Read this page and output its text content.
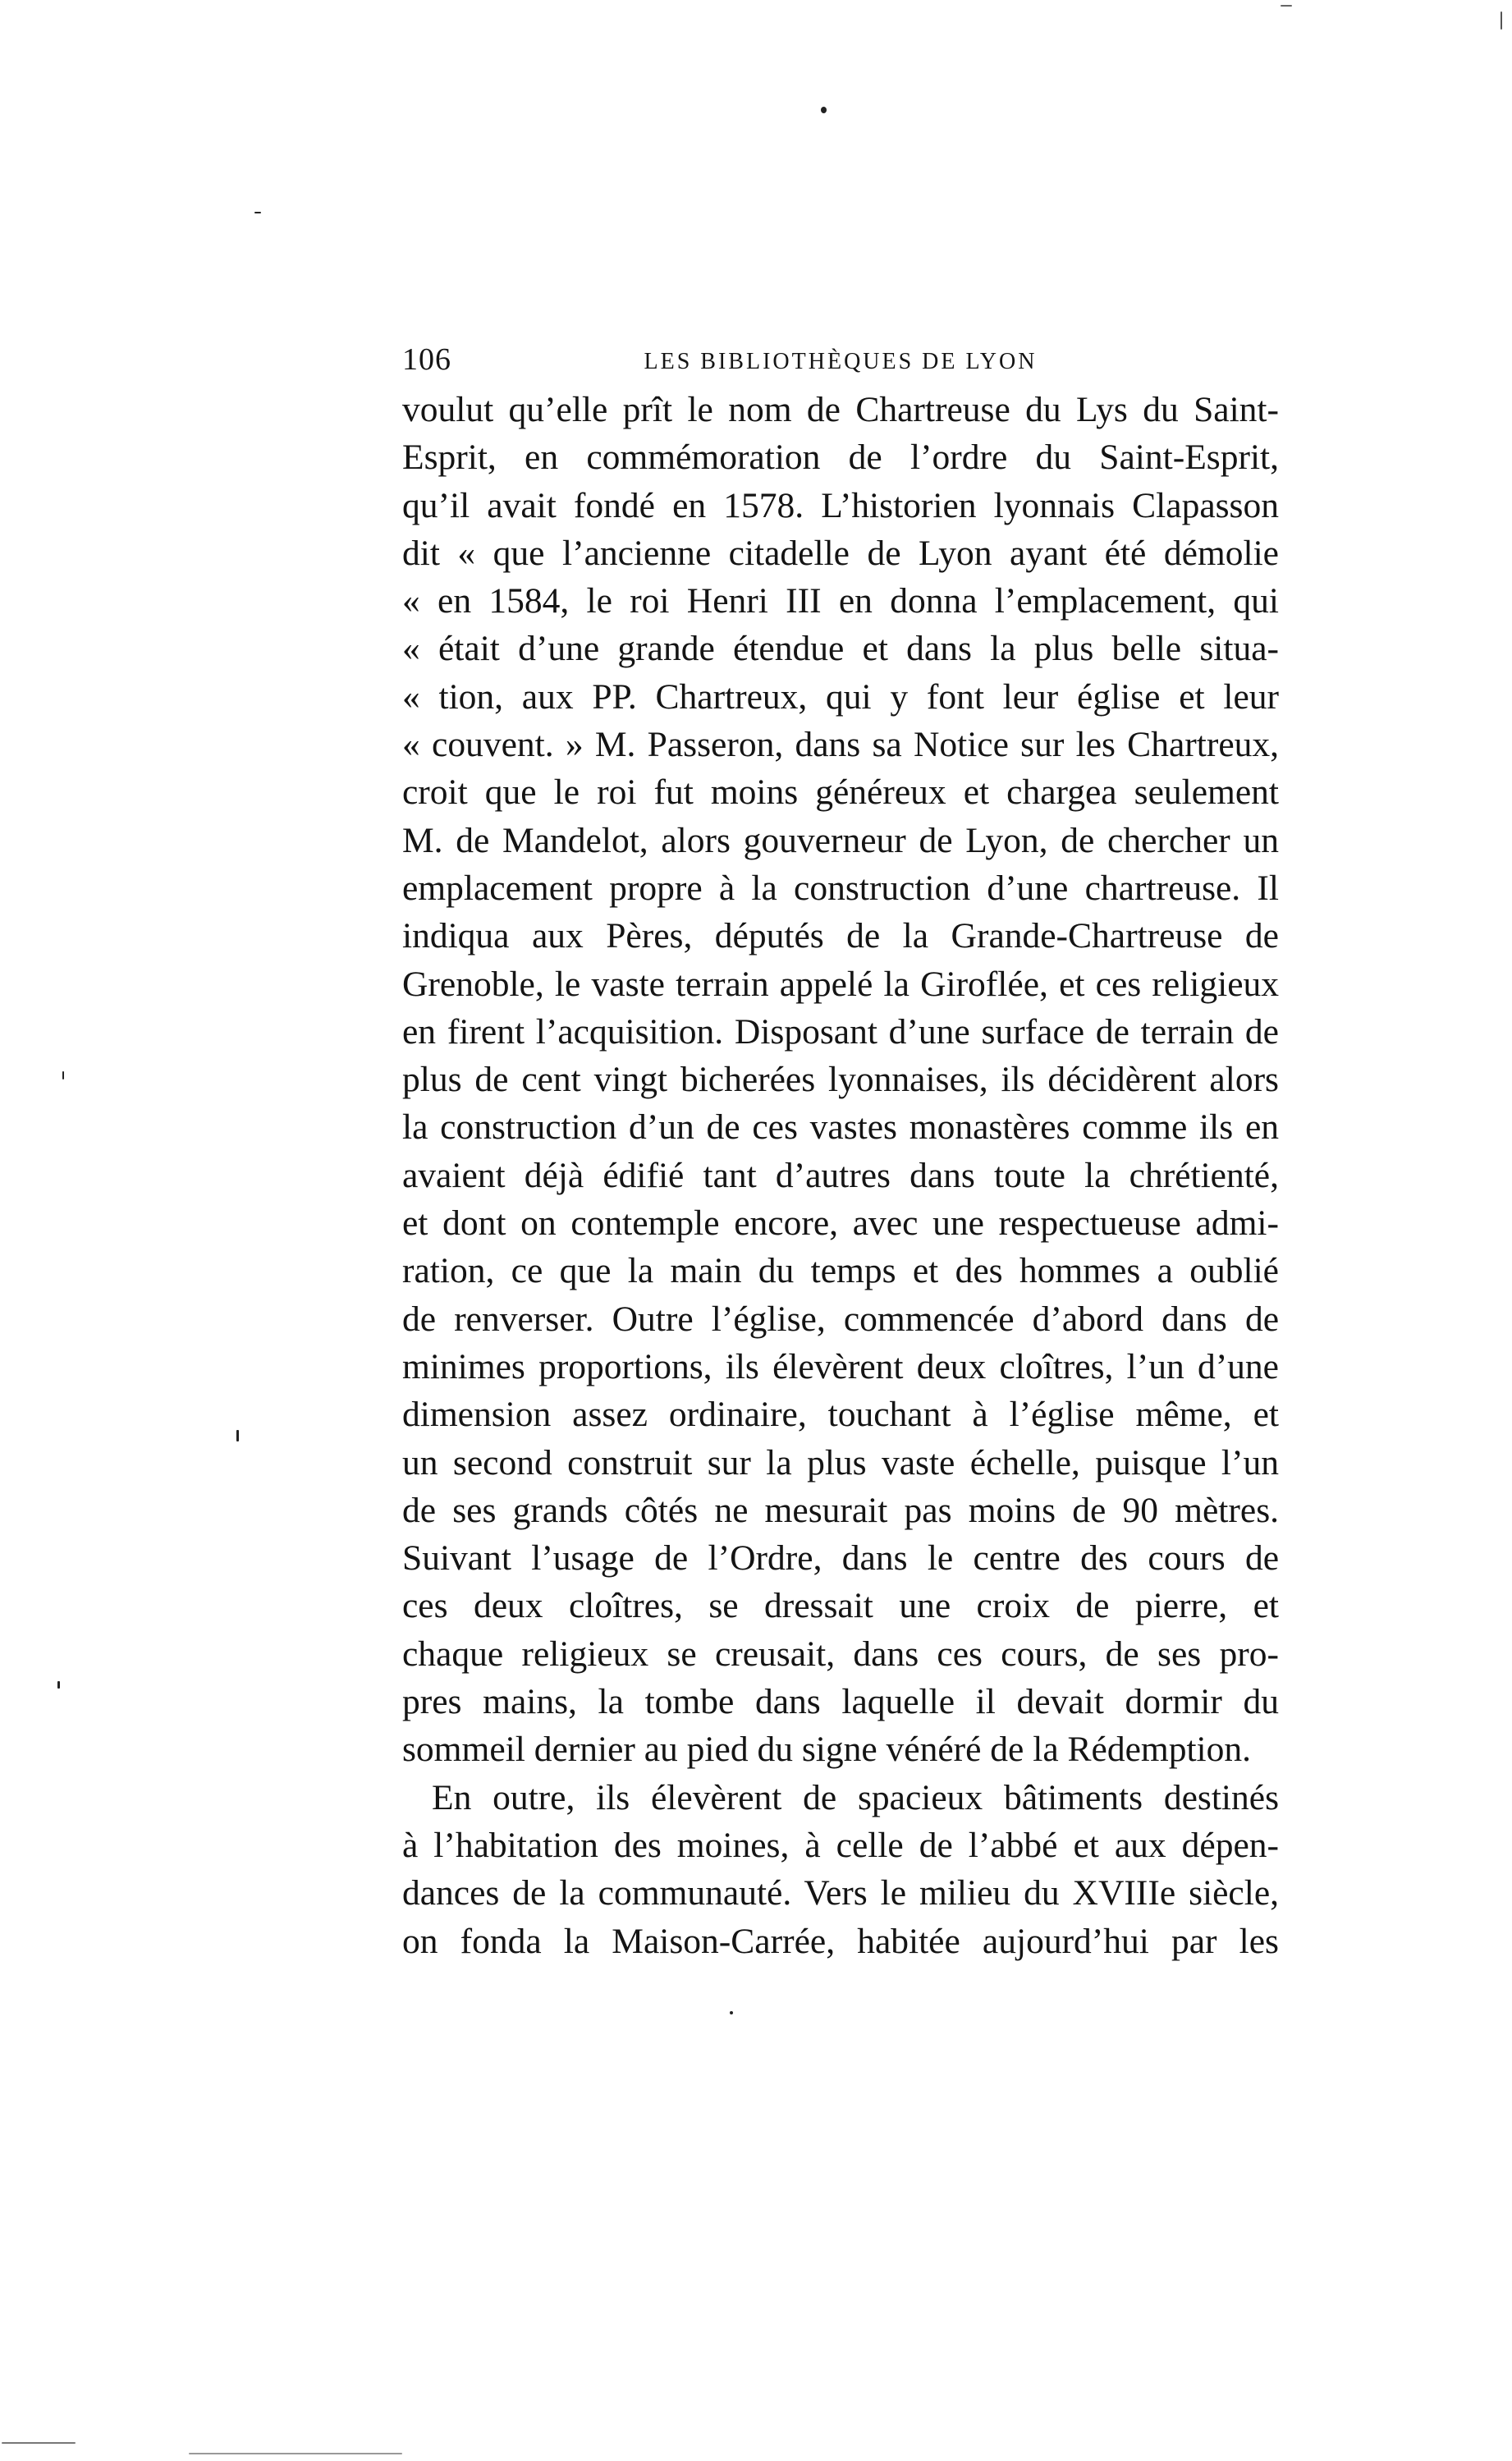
106	LES BIBLIOTHÈQUES DE LYON
voulut qu’elle prît le nom de Chartreuse du Lys du Saint-
Esprit, en commémoration de l’ordre du Saint-Esprit,
qu’il avait fondé en 1578. L’historien lyonnais Clapasson
dit « que l’ancienne citadelle de Lyon ayant été démolie
« en 1584, le roi Henri III en donna l’emplacement, qui
« était d’une grande étendue et dans la plus belle situa-
« tion, aux PP. Chartreux, qui y font leur église et leur
« couvent. » M. Passeron, dans sa Notice sur les Chartreux,
croit que le roi fut moins généreux et chargea seulement
M. de Mandelot, alors gouverneur de Lyon, de chercher un
emplacement propre à la construction d’une chartreuse. Il
indiqua aux Pères, députés de la Grande-Chartreuse de
Grenoble, le vaste terrain appelé la Giroflée, et ces religieux
en firent l’acquisition. Disposant d’une surface de terrain de
plus de cent vingt bicherées lyonnaises, ils décidèrent alors
la construction d’un de ces vastes monastères comme ils en
avaient déjà édifié tant d’autres dans toute la chrétienté,
et dont on contemple encore, avec une respectueuse admi-
ration, ce que la main du temps et des hommes a oublié
de renverser. Outre l’église, commencée d’abord dans de
minimes proportions, ils élevèrent deux cloîtres, l’un d’une
dimension assez ordinaire, touchant à l’église même, et
un second construit sur la plus vaste échelle, puisque l’un
de ses grands côtés ne mesurait pas moins de 90 mètres.
Suivant l’usage de l’Ordre, dans le centre des cours de
ces deux cloîtres, se dressait une croix de pierre, et
chaque religieux se creusait, dans ces cours, de ses pro-
pres mains, la tombe dans laquelle il devait dormir du
sommeil dernier au pied du signe vénéré de la Rédemption.
En outre, ils élevèrent de spacieux bâtiments destinés
à l’habitation des moines, à celle de l’abbé et aux dépen-
dances de la communauté. Vers le milieu du XVIIIe siècle,
on fonda la Maison-Carrée, habitée aujourd’hui par les
